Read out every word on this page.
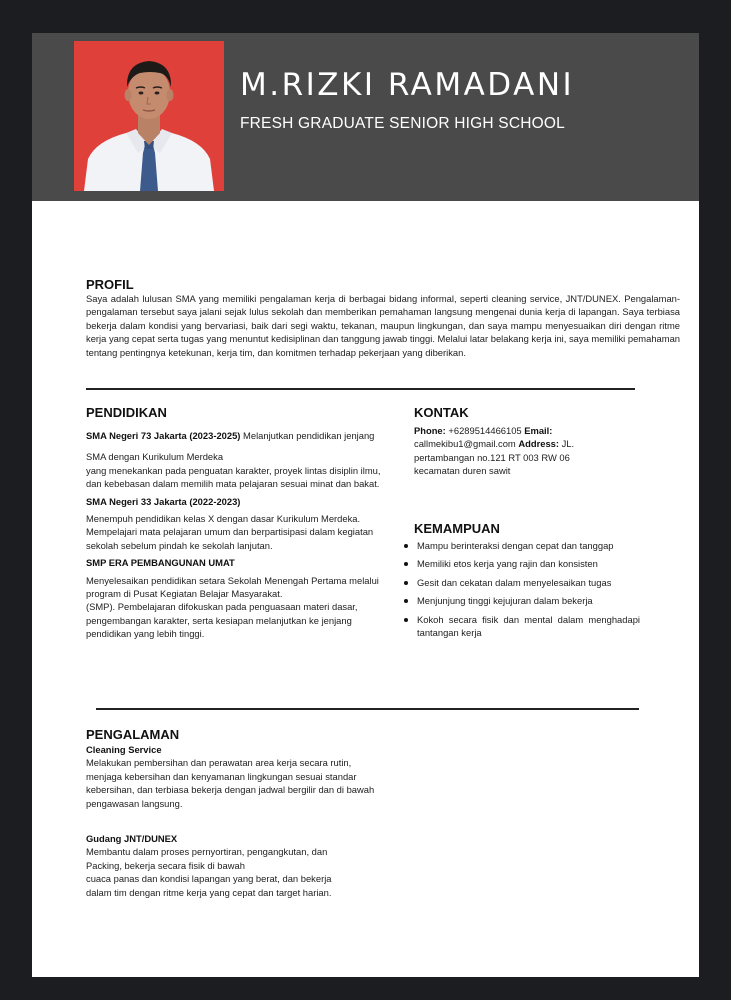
M.RIZKI RAMADANI
FRESH GRADUATE SENIOR HIGH SCHOOL
PROFIL
Saya adalah lulusan SMA yang memiliki pengalaman kerja di berbagai bidang informal, seperti cleaning service, JNT/DUNEX. Pengalaman-pengalaman tersebut saya jalani sejak lulus sekolah dan memberikan pemahaman langsung mengenai dunia kerja di lapangan. Saya terbiasa bekerja dalam kondisi yang bervariasi, baik dari segi waktu, tekanan, maupun lingkungan, dan saya mampu menyesuaikan diri dengan ritme kerja yang cepat serta tugas yang menuntut kedisiplinan dan tanggung jawab tinggi. Melalui latar belakang kerja ini, saya memiliki pemahaman tentang pentingnya ketekunan, kerja tim, dan komitmen terhadap pekerjaan yang diberikan.
PENDIDIKAN
SMA Negeri 73 Jakarta (2023-2025) Melanjutkan pendidikan jenjang
SMA dengan Kurikulum Merdeka
yang menekankan pada penguatan karakter, proyek lintas disiplin ilmu, dan kebebasan dalam memilih mata pelajaran sesuai minat dan bakat.
SMA Negeri 33 Jakarta (2022-2023)
Menempuh pendidikan kelas X dengan dasar Kurikulum Merdeka. Mempelajari mata pelajaran umum dan berpartisipasi dalam kegiatan sekolah sebelum pindah ke sekolah lanjutan.
SMP ERA PEMBANGUNAN UMAT
Menyelesaikan pendidikan setara Sekolah Menengah Pertama melalui program di Pusat Kegiatan Belajar Masyarakat.
(SMP). Pembelajaran difokuskan pada penguasaan materi dasar, pengembangan karakter, serta kesiapan melanjutkan ke jenjang pendidikan yang lebih tinggi.
KONTAK
Phone: +6289514466105 Email: callmekibu1@gmail.com Address: JL. pertambangan no.121 RT 003 RW 06 kecamatan duren sawit
KEMAMPUAN
Mampu berinteraksi dengan cepat dan tanggap
Memiliki etos kerja yang rajin dan konsisten
Gesit dan cekatan dalam menyelesaikan tugas
Menjunjung tinggi kejujuran dalam bekerja
Kokoh secara fisik dan mental dalam menghadapi tantangan kerja
PENGALAMAN
Cleaning Service
Melakukan pembersihan dan perawatan area kerja secara rutin, menjaga kebersihan dan kenyamanan lingkungan sesuai standar kebersihan, dan terbiasa bekerja dengan jadwal bergilir dan di bawah pengawasan langsung.
Gudang JNT/DUNEX
Membantu dalam proses pernyortiran, pengangkutan, dan
Packing, bekerja secara fisik di bawah
cuaca panas dan kondisi lapangan yang berat, dan bekerja
dalam tim dengan ritme kerja yang cepat dan target harian.
